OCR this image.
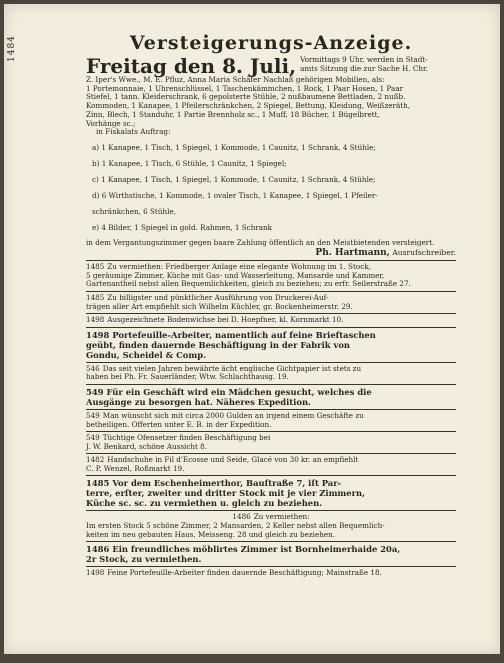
1484	Versteigerungs-Anzeige.
Freitag den 8. Juli, Vormittags 9 Uhr, werden in Stadt-
amts Sitzung die zur Sache H. Chr.

Z. Iper's Wwe., M. E. Pfluz, Anna Maria Schäfer Nachlaß gehörigen Mobilien, als:

1 Portemonnaie, 1 Uhrenschlüssel, 1 Taschenkämmchen, 1 Rock, 1 Paar Hosen, 1 Paar

Stiefel, 1 tann. Kleiderschrank, 6 gepolsterte Stühle, 2 nußbaumene Bettladen, 2 nußb.

Kommoden, 1 Kanapee, 1 Pfeilerschränkchen, 2 Spiegel, Bettung, Kleidung, Weißzeräth,

Zinn, Blech, 1 Standuhr, 1 Partie Brennholz sc., 1 Muff, 18 Bücher, 1 Bügelbrett,

Vorhänge sc.;

in Fiskalats Auftrag:

a) 1 Kanapee, 1 Tisch, 1 Spiegel, 1 Kommode, 1 Caunitz, 1 Schrank, 4 Stühle;

b) 1 Kanapee, 1 Tisch, 6 Stühle, 1 Caunitz, 1 Spiegel;

c) 1 Kanapee, 1 Tisch, 1 Spiegel, 1 Kommode, 1 Caunitz, 1 Schrank, 4 Stühle;

d) 6 Wirthstische, 1 Kommode, 1 ovaler Tisch, 1 Kanapee, 1 Spiegel, 1 Pfeiler-

schränkchen, 6 Stühle,

e) 4 Bilder, 1 Spiegel in gold. Rahmen, 1 Schrank

in dem Vergantungszimmer gegen baare Zahlung öffentlich an den Meistbietenden versteigert.

Ph. Hartmann, Ausrufschreiber.

1485 Zu vermiethen: Friedberger Anlage eine elegante Wohnung im 1. Stock,

5 geräumige Zimmer, Küche mit Gas- und Wasserleitung, Mansarde und Kammer,

Gartenantheil nebst allen Bequemlichkeiten, gleich zu beziehen; zu erfr. Seilerstraße 27.

1485 Zu billigster und pünktlicher Ausführung von Druckerei-Auf-

trägen aller Art empfiehlt sich Wilhelm Küchler, gr. Bockenheimerstr. 29.

1498 Ausgezeichnete Bodenwichse bei D. Hoepfner, kl. Kornmarkt 10.

1498 Portefeuille-Arbeiter, namentlich auf feine Brieftaschen

geübt, finden dauernde Beschäftigung in der Fabrik von

Gondu, Scheidel & Comp.

546 Das seit vielen Jahren bewährte ächt englische Gichtpapier ist stets zu

haben bei Ph. Fr. Sauerländer, Wtw. Schlachthausg. 19.

549 Für ein Geschäft wird ein Mädchen gesucht, welches die

Ausgänge zu besorgen hat. Näheres Expedition.

549 Man wünscht sich mit circa 2000 Gulden an irgend einem Geschäfte zu

betheiligen. Offerten unter E. B. in der Expedition.

549 Tüchtige Ofensetzer finden Beschäftigung bei

J. W. Benkard, schöne Aussicht 8.

1482 Handschuhe in Fil d'Ecosse und Seide, Glacé von 30 kr. an empfiehlt

C. P. Wenzel, Roßmarkt 19.

1485 Vor dem Eschenheimerthor, Bauſtraße 7, iſt Par-

terre, erſter, zweiter und dritter Stock mit je vier Zimmern,

Küche sc. sc. zu vermiethen u. gleich zu beziehen.

1486 Zu vermiethen:

Im ersten Stock 5 schöne Zimmer, 2 Mansarden, 2 Keller nebst allen Bequemlich-

keiten im neu gebauten Haus, Meisseng. 28 und gleich zu beziehen.

1486 Ein freundliches möblirtes Zimmer ist Bornheimerhaide 20a,

2r Stock, zu vermiethen.

1498 Feine Portefeuille-Arbeiter finden dauernde Beschäftigung; Mainstraße 18.
